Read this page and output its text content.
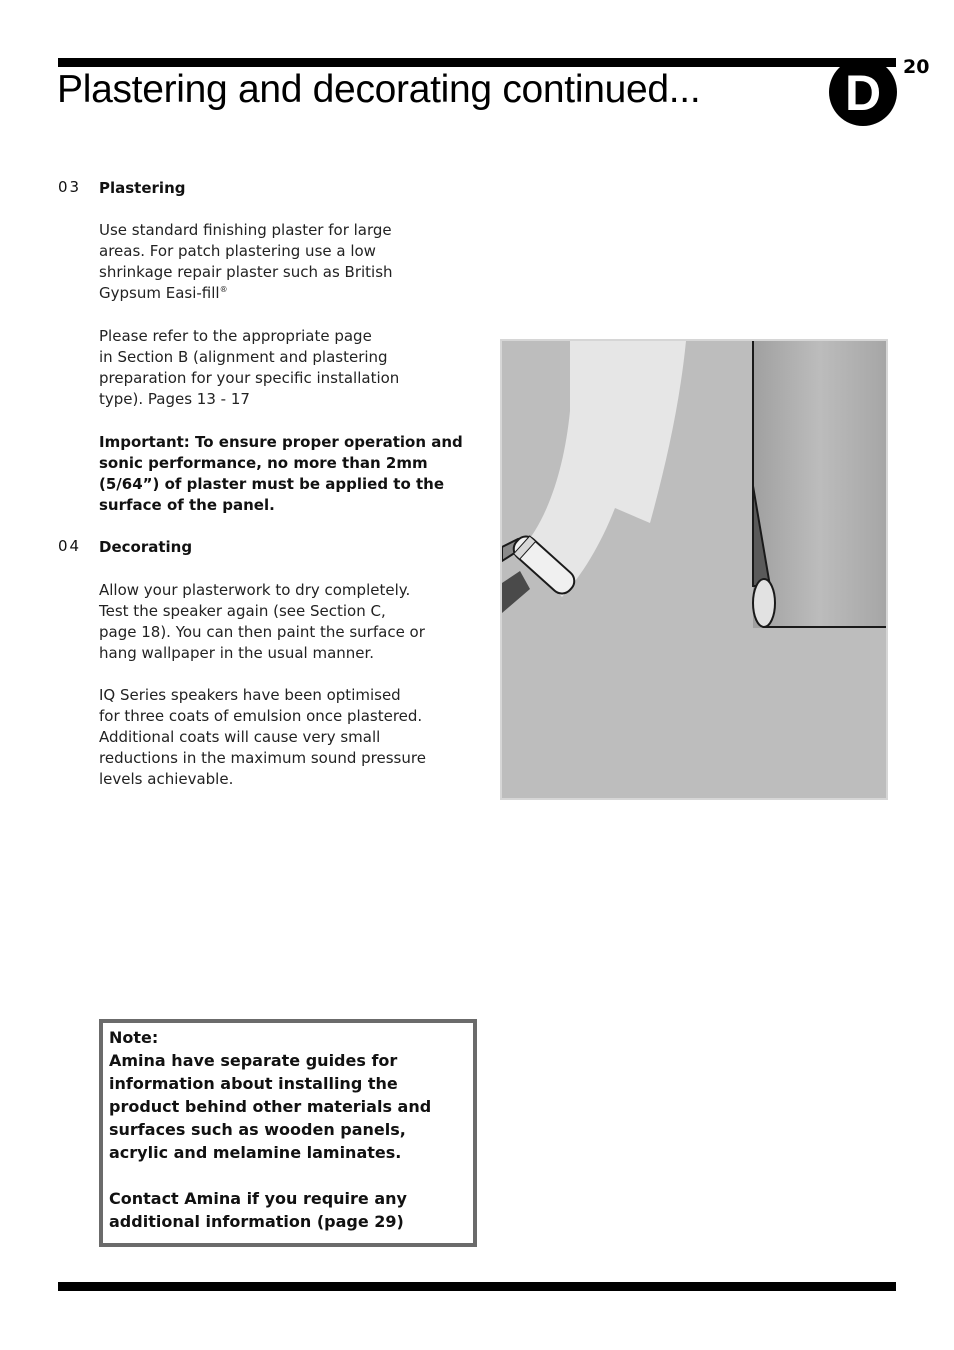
Plastering and decorating continued...	D	20
03 Plastering

Use standard finishing plaster for large
areas. For patch plastering use a low
shrinkage repair plaster such as British
Gypsum Easi-fill®

Please refer to the appropriate page
in Section B (alignment and plastering
preparation for your specific installation
type). Pages 13 - 17

Important: To ensure proper operation and
sonic performance, no more than 2mm
(5/64”) of plaster must be applied to the
surface of the panel.

04 Decorating

Allow your plasterwork to dry completely.
Test the speaker again (see Section C,
page 18). You can then paint the surface or
hang wallpaper in the usual manner.

IQ Series speakers have been optimised
for three coats of emulsion once plastered.
Additional coats will cause very small
reductions in the maximum sound pressure
levels achievable.

Note:
Amina have separate guides for
information about installing the
product behind other materials and
surfaces such as wooden panels,
acrylic and melamine laminates.
Contact Amina if you require any
additional information (page 29)
